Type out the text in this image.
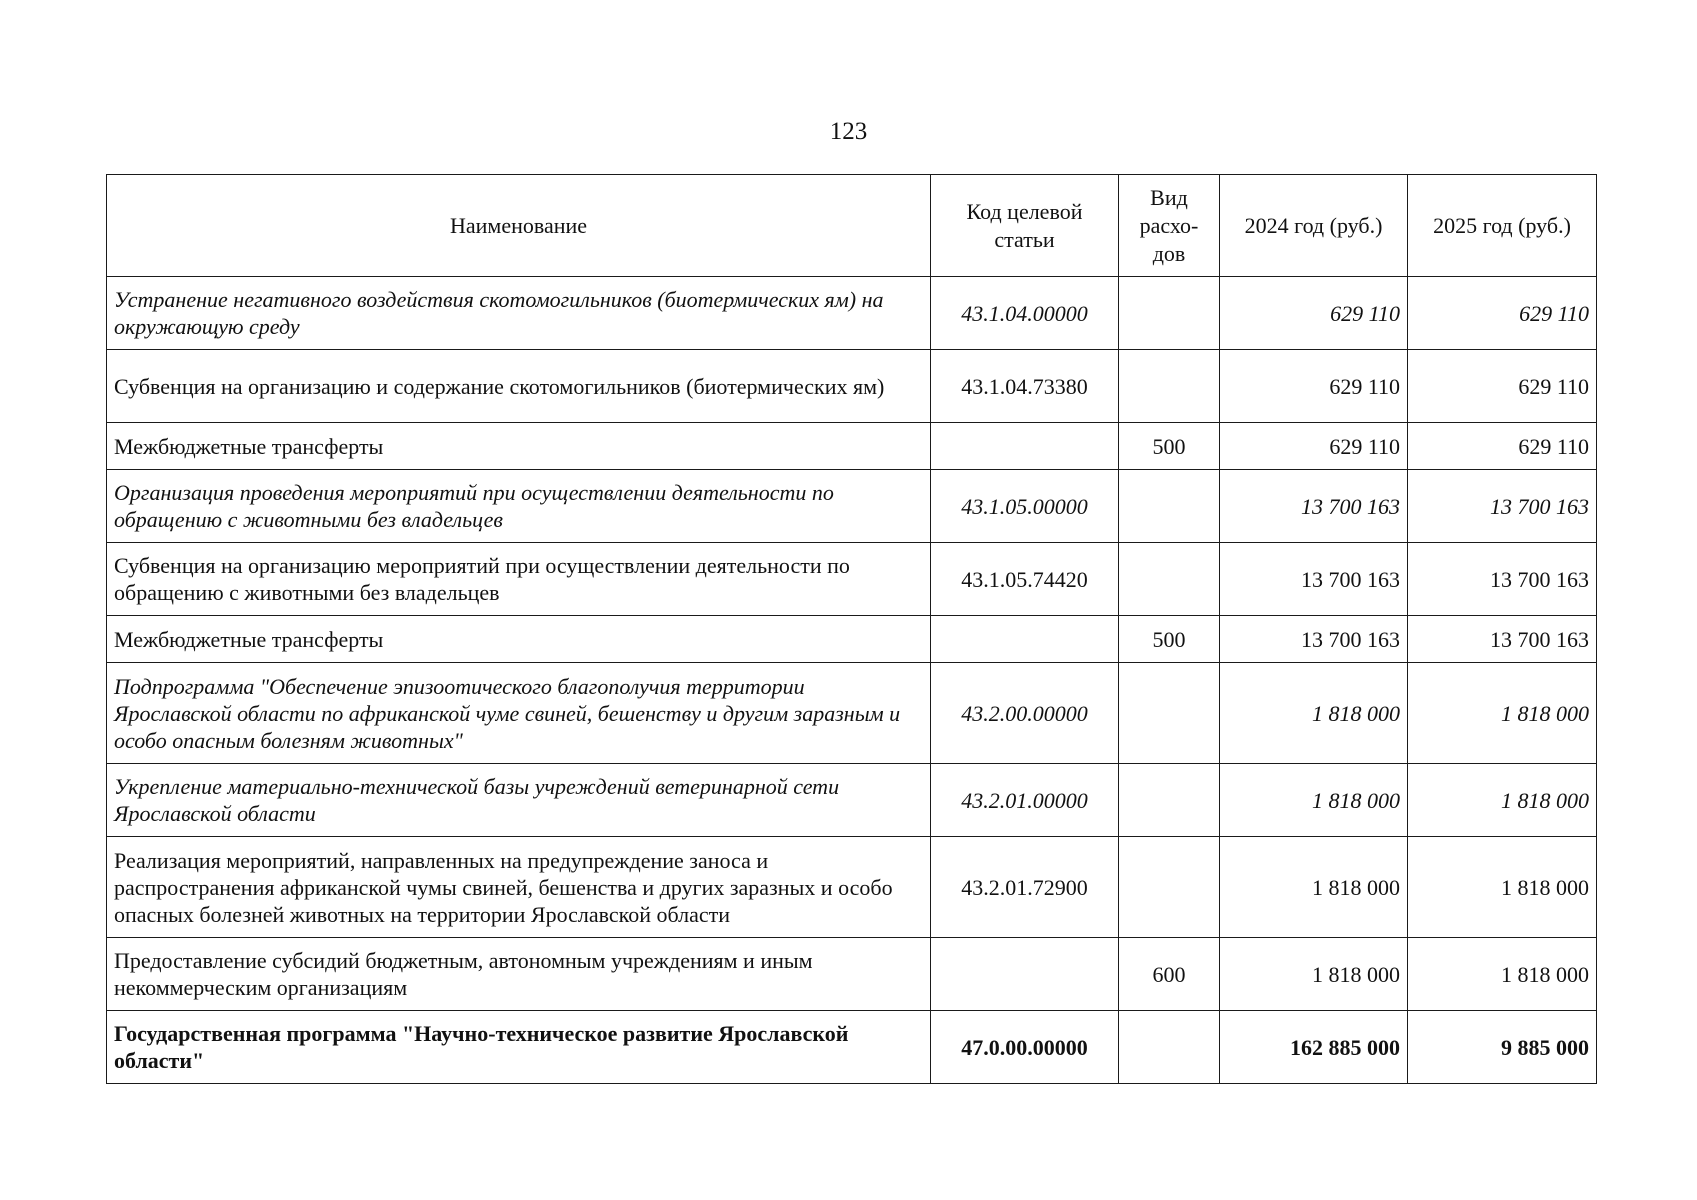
123
Наименование	Код целевой статьи	Вид расхо-дов	2024 год (руб.)	2025 год (руб.)
Устранение негативного воздействия скотомогильников (биотермических ям) на окружающую среду	43.1.04.00000		629 110	629 110
Субвенция на организацию и содержание скотомогильников (биотермических ям)	43.1.04.73380		629 110	629 110
Межбюджетные трансферты		500	629 110	629 110
Организация проведения мероприятий при осуществлении деятельности по обращению с животными без владельцев	43.1.05.00000		13 700 163	13 700 163
Субвенция на организацию мероприятий при осуществлении деятельности по обращению с животными без владельцев	43.1.05.74420		13 700 163	13 700 163
Межбюджетные трансферты		500	13 700 163	13 700 163
Подпрограмма "Обеспечение эпизоотического благополучия территории Ярославской области по африканской чуме свиней, бешенству и другим заразным и особо опасным болезням животных"	43.2.00.00000		1 818 000	1 818 000
Укрепление материально-технической базы учреждений ветеринарной сети Ярославской области	43.2.01.00000		1 818 000	1 818 000
Реализация мероприятий, направленных на предупреждение заноса и распространения африканской чумы свиней, бешенства и других заразных и особо опасных болезней животных на территории Ярославской области	43.2.01.72900		1 818 000	1 818 000
Предоставление субсидий бюджетным, автономным учреждениям и иным некоммерческим организациям		600	1 818 000	1 818 000
Государственная программа "Научно-техническое развитие Ярославской области"	47.0.00.00000		162 885 000	9 885 000
